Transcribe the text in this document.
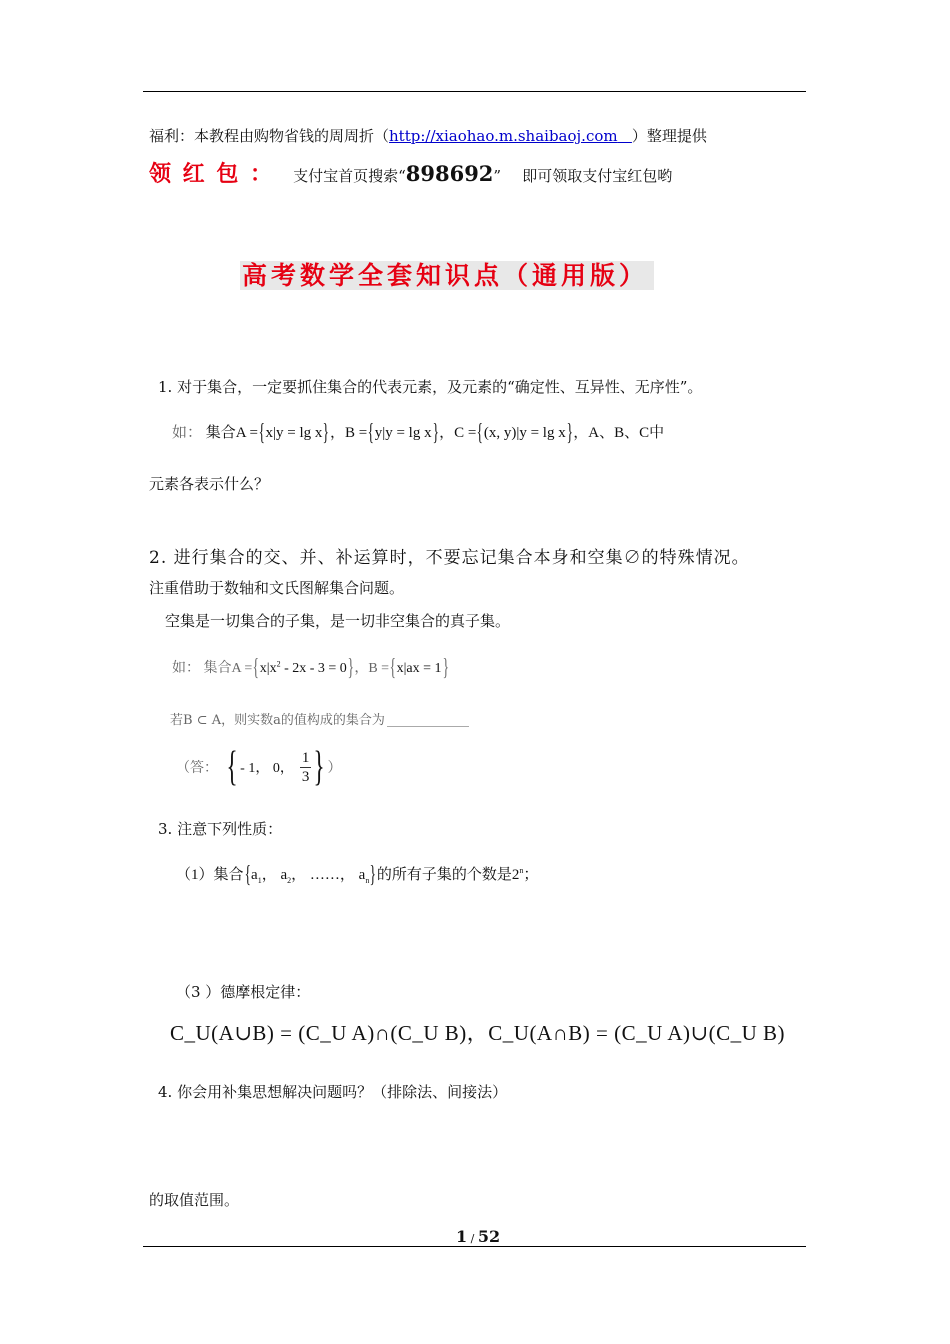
福利：本教程由购物省钱的周周折（http://xiaohao.m.shaibaoj.com ）整理提供
领 红 包 ： 支付宝首页搜索“898692” 即可领取支付宝红包哟
高考数学全套知识点（通用版）
1. 对于集合，一定要抓住集合的代表元素，及元素的“确定性、互异性、无序性”。
如： 集合A ={x|y = lg x}，B ={y|y = lg x}，C ={(x, y)|y = lg x}，A、B、C中
元素各表示什么？
2. 进行集合的交、并、补运算时，不要忘记集合本身和空集∅的特殊情况。
注重借助于数轴和文氏图解集合问题。
空集是一切集合的子集，是一切非空集合的真子集。
如： 集合$A =\{x|x^2 - 2x - 3 = 0\}$，B ={x|ax = 1}
若B ⊂ A，则实数a的值构成的集合为
（答： { - 1， 0， $\frac{1}{3}$ } ）
3. 注意下列性质：
（1）集合{$a_1$， $a_2$， ……， $a_n$}的所有子集的个数是2$^n$；
（3 ）德摩根定律：
C_U(A∪B) = (C_U A)∩(C_U B)，C_U(A∩B) = (C_U A)∪(C_U B)
4. 你会用补集思想解决问题吗？（排除法、间接法）
的取值范围。
1 / 52
